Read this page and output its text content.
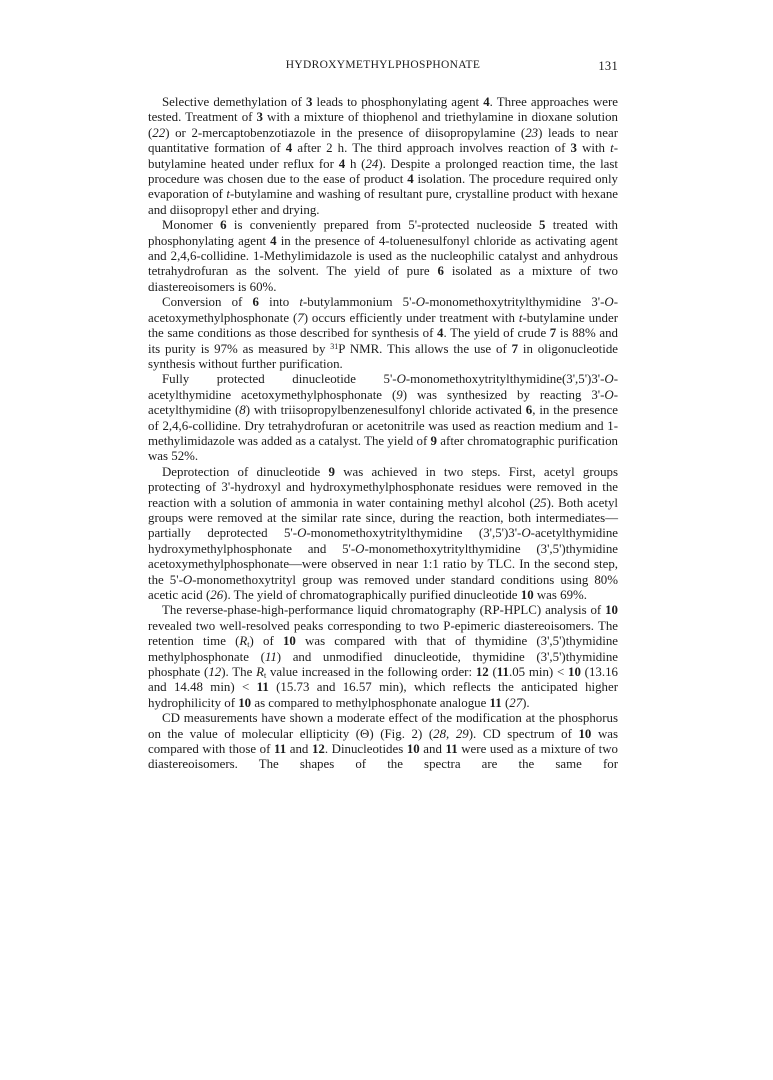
HYDROXYMETHYLPHOSPHONATE	131

Selective demethylation of 3 leads to phosphonylating agent 4. Three approaches were tested. Treatment of 3 with a mixture of thiophenol and triethylamine in dioxane solution (22) or 2-mercaptobenzotiazole in the presence of diisopropylamine (23) leads to near quantitative formation of 4 after 2 h. The third approach involves reaction of 3 with t-butylamine heated under reflux for 4 h (24). Despite a prolonged reaction time, the last procedure was chosen due to the ease of product 4 isolation. The procedure required only evaporation of t-butylamine and washing of resultant pure, crystalline product with hexane and diisopropyl ether and drying.

Monomer 6 is conveniently prepared from 5'-protected nucleoside 5 treated with phosphonylating agent 4 in the presence of 4-toluenesulfonyl chloride as activating agent and 2,4,6-collidine. 1-Methylimidazole is used as the nucleophilic catalyst and anhydrous tetrahydrofuran as the solvent. The yield of pure 6 isolated as a mixture of two diastereoisomers is 60%.

Conversion of 6 into t-butylammonium 5'-O-monomethoxytritylthymidine 3'-O-acetoxymethylphosphonate (7) occurs efficiently under treatment with t-butylamine under the same conditions as those described for synthesis of 4. The yield of crude 7 is 88% and its purity is 97% as measured by $^{31}$P NMR. This allows the use of 7 in oligonucleotide synthesis without further purification.

Fully protected dinucleotide 5'-O-monomethoxytritylthymidine(3',5')3'-O-acetylthymidine acetoxymethylphosphonate (9) was synthesized by reacting 3'-O-acetylthymidine (8) with triisopropylbenzenesulfonyl chloride activated 6, in the presence of 2,4,6-collidine. Dry tetrahydrofuran or acetonitrile was used as reaction medium and 1-methylimidazole was added as a catalyst. The yield of 9 after chromatographic purification was 52%.

Deprotection of dinucleotide 9 was achieved in two steps. First, acetyl groups protecting of 3'-hydroxyl and hydroxymethylphosphonate residues were removed in the reaction with a solution of ammonia in water containing methyl alcohol (25). Both acetyl groups were removed at the similar rate since, during the reaction, both intermediates—partially deprotected 5'-O-monomethoxytritylthymidine (3',5')3'-O-acetylthymidine hydroxymethylphosphonate and 5'-O-monomethoxytritylthymidine (3',5')thymidine acetoxymethylphosphonate—were observed in near 1:1 ratio by TLC. In the second step, the 5'-O-monomethoxytrityl group was removed under standard conditions using 80% acetic acid (26). The yield of chromatographically purified dinucleotide 10 was 69%.

The reverse-phase-high-performance liquid chromatography (RP-HPLC) analysis of 10 revealed two well-resolved peaks corresponding to two P-epimeric diastereoisomers. The retention time $(R_t)$ of 10 was compared with that of thymidine (3',5')thymidine methylphosphonate (11) and unmodified dinucleotide, thymidine (3',5')thymidine phosphate (12). The $R_t$ value increased in the following order: 12 (11.05 min) < 10 (13.16 and 14.48 min) < 11 (15.73 and 16.57 min), which reflects the anticipated higher hydrophilicity of 10 as compared to methylphosphonate analogue 11 (27).

CD measurements have shown a moderate effect of the modification at the phosphorus on the value of molecular ellipticity (Θ) (Fig. 2) (28, 29). CD spectrum of 10 was compared with those of 11 and 12. Dinucleotides 10 and 11 were used as a mixture of two diastereoisomers. The shapes of the spectra are the same for
